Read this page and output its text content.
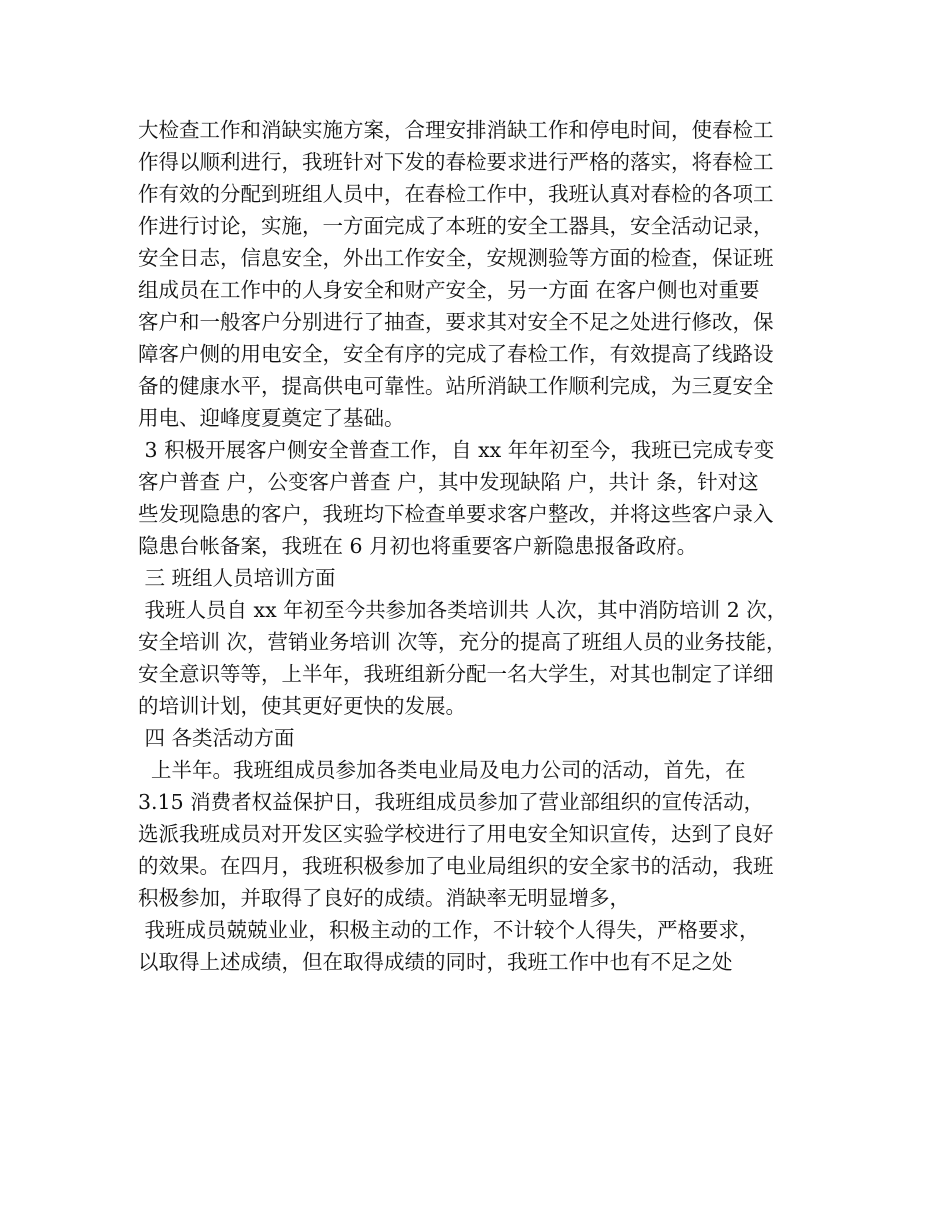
大检查工作和消缺实施方案，合理安排消缺工作和停电时间，使春检工
作得以顺利进行，我班针对下发的春检要求进行严格的落实，将春检工
作有效的分配到班组人员中，在春检工作中，我班认真对春检的各项工
作进行讨论，实施，一方面完成了本班的安全工器具，安全活动记录，
安全日志，信息安全，外出工作安全，安规测验等方面的检查，保证班
组成员在工作中的人身安全和财产安全，另一方面 在客户侧也对重要
客户和一般客户分别进行了抽查，要求其对安全不足之处进行修改，保
障客户侧的用电安全，安全有序的完成了春检工作，有效提高了线路设
备的健康水平，提高供电可靠性。站所消缺工作顺利完成，为三夏安全
用电、迎峰度夏奠定了基础。
3 积极开展客户侧安全普查工作，自 xx 年年初至今，我班已完成专变
客户普查 户，公变客户普查 户，其中发现缺陷 户，共计 条，针对这
些发现隐患的客户，我班均下检查单要求客户整改，并将这些客户录入
隐患台帐备案，我班在 6 月初也将重要客户新隐患报备政府。
三 班组人员培训方面
我班人员自 xx 年初至今共参加各类培训共 人次，其中消防培训 2 次，
安全培训 次，营销业务培训 次等，充分的提高了班组人员的业务技能，
安全意识等等，上半年，我班组新分配一名大学生，对其也制定了详细
的培训计划，使其更好更快的发展。
四 各类活动方面
上半年。我班组成员参加各类电业局及电力公司的活动，首先，在
3.15 消费者权益保护日，我班组成员参加了营业部组织的宣传活动，
选派我班成员对开发区实验学校进行了用电安全知识宣传，达到了良好
的效果。在四月，我班积极参加了电业局组织的安全家书的活动，我班
积极参加，并取得了良好的成绩。消缺率无明显增多，
我班成员兢兢业业，积极主动的工作，不计较个人得失，严格要求，
以取得上述成绩，但在取得成绩的同时，我班工作中也有不足之处
